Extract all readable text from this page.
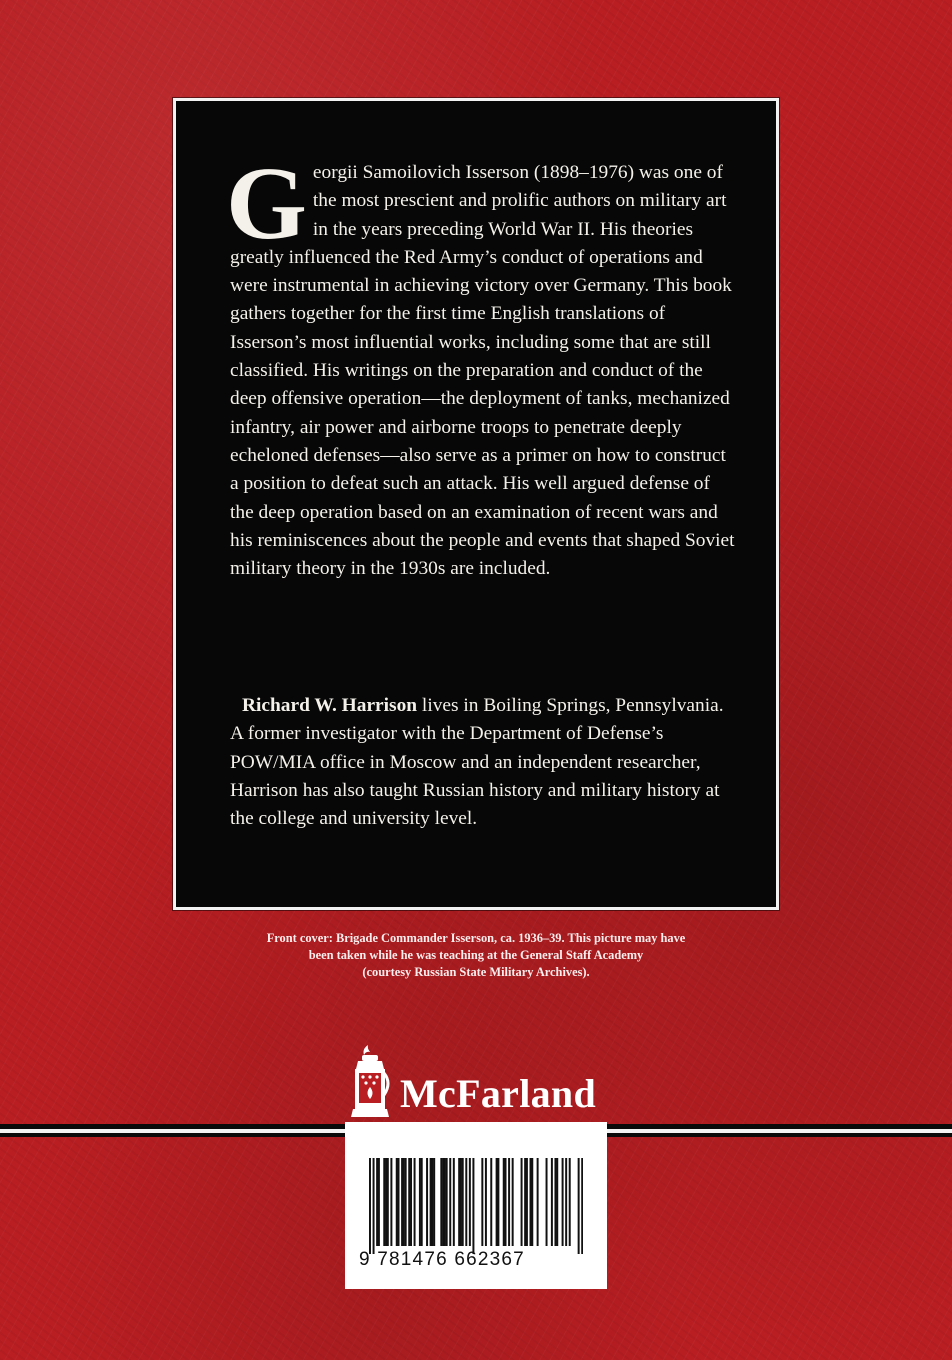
Georgii Samoilovich Isserson (1898–1976) was one of the most prescient and prolific authors on military art in the years preceding World War II. His theories greatly influenced the Red Army’s conduct of operations and were instrumental in achieving victory over Germany. This book gathers together for the first time English translations of Isserson’s most influential works, including some that are still classified. His writings on the preparation and conduct of the deep offensive operation—the deployment of tanks, mechanized infantry, air power and airborne troops to penetrate deeply echeloned defenses—also serve as a primer on how to construct a position to defeat such an attack. His well argued defense of the deep operation based on an examination of recent wars and his reminiscences about the people and events that shaped Soviet military theory in the 1930s are included.

Richard W. Harrison lives in Boiling Springs, Pennsylvania. A former investigator with the Department of Defense’s POW/MIA office in Moscow and an independent researcher, Harrison has also taught Russian history and military history at the college and university level.

Front cover: Brigade Commander Isserson, ca. 1936–39. This picture may have
been taken while he was teaching at the General Staff Academy
(courtesy Russian State Military Archives).

McFarland
9 781476 662367
